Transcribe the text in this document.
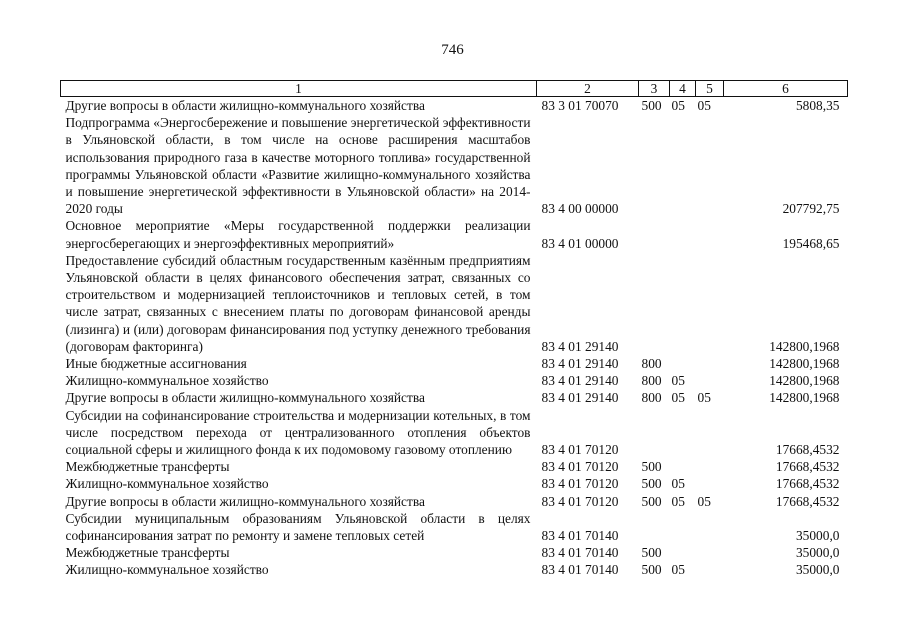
746
1	2	3	4	5	6
Другие вопросы в области жилищно-коммунального хозяйства	83 3 01 70070	500	05	05	5808,35
Подпрограмма «Энергосбережение и повышение энергетической эффективности в Ульяновской области, в том числе на основе расширения масштабов использования природного газа в качестве моторного топлива» государственной программы Ульяновской области «Развитие жилищно-коммунального хозяйства и повышение энергетической эффективности в Ульяновской области» на 2014-2020 годы	83 4 00 00000				207792,75
Основное мероприятие «Меры государственной поддержки реализации энергосберегающих и энергоэффективных мероприятий»	83 4 01 00000				195468,65
Предоставление субсидий областным государственным казённым предприятиям Ульяновской области в целях финансового обеспечения затрат, связанных со строительством и модернизацией теплоисточников и тепловых сетей, в том числе затрат, связанных с внесением платы по договорам финансовой аренды (лизинга) и (или) договорам финансирования под уступку денежного требования (договорам факторинга)	83 4 01 29140				142800,1968
Иные бюджетные ассигнования	83 4 01 29140	800			142800,1968
Жилищно-коммунальное хозяйство	83 4 01 29140	800	05		142800,1968
Другие вопросы в области жилищно-коммунального хозяйства	83 4 01 29140	800	05	05	142800,1968
Субсидии на софинансирование строительства и модернизации котельных, в том числе посредством перехода от централизованного отопления объектов социальной сферы и жилищного фонда к их подомовому газовому отоплению	83 4 01 70120				17668,4532
Межбюджетные трансферты	83 4 01 70120	500			17668,4532
Жилищно-коммунальное хозяйство	83 4 01 70120	500	05		17668,4532
Другие вопросы в области жилищно-коммунального хозяйства	83 4 01 70120	500	05	05	17668,4532
Субсидии муниципальным образованиям Ульяновской области в целях софинансирования затрат по ремонту и замене тепловых сетей	83 4 01 70140				35000,0
Межбюджетные трансферты	83 4 01 70140	500			35000,0
Жилищно-коммунальное хозяйство	83 4 01 70140	500	05		35000,0
